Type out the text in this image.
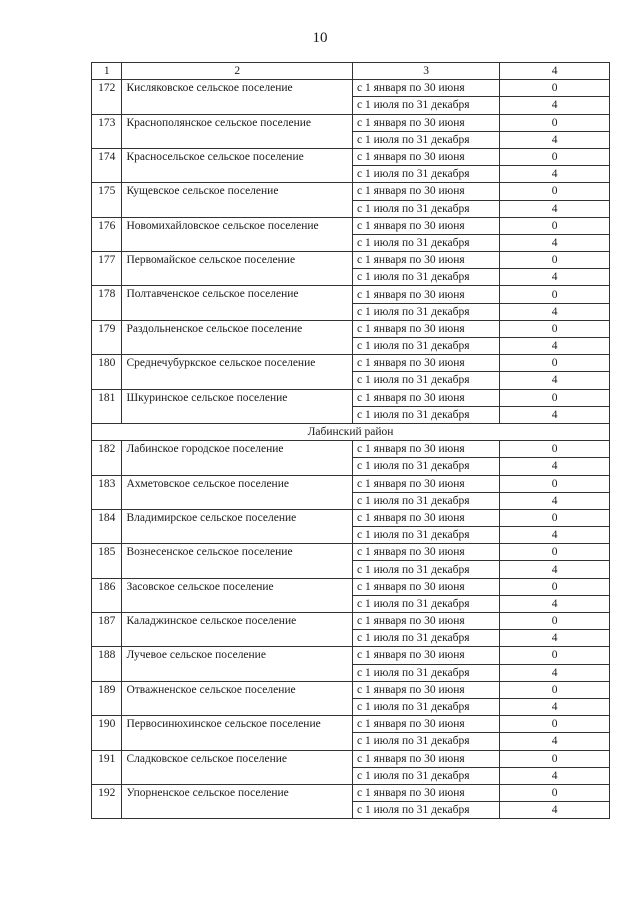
10
1	2	3	4
172	Кисляковское сельское поселение	с 1 января по 30 июня	0
		с 1 июля по 31 декабря	4
173	Краснополянское сельское поселение	с 1 января по 30 июня	0
		с 1 июля по 31 декабря	4
174	Красносельское сельское поселение	с 1 января по 30 июня	0
		с 1 июля по 31 декабря	4
175	Кущевское сельское поселение	с 1 января по 30 июня	0
		с 1 июля по 31 декабря	4
176	Новомихайловское сельское поселение	с 1 января по 30 июня	0
		с 1 июля по 31 декабря	4
177	Первомайское сельское поселение	с 1 января по 30 июня	0
		с 1 июля по 31 декабря	4
178	Полтавченское сельское поселение	с 1 января по 30 июня	0
		с 1 июля по 31 декабря	4
179	Раздольненское сельское поселение	с 1 января по 30 июня	0
		с 1 июля по 31 декабря	4
180	Среднечубуркское сельское поселение	с 1 января по 30 июня	0
		с 1 июля по 31 декабря	4
181	Шкуринское сельское поселение	с 1 января по 30 июня	0
		с 1 июля по 31 декабря	4
Лабинский район			
182	Лабинское городское поселение	с 1 января по 30 июня	0
		с 1 июля по 31 декабря	4
183	Ахметовское сельское поселение	с 1 января по 30 июня	0
		с 1 июля по 31 декабря	4
184	Владимирское сельское поселение	с 1 января по 30 июня	0
		с 1 июля по 31 декабря	4
185	Вознесенское сельское поселение	с 1 января по 30 июня	0
		с 1 июля по 31 декабря	4
186	Засовское сельское поселение	с 1 января по 30 июня	0
		с 1 июля по 31 декабря	4
187	Каладжинское сельское поселение	с 1 января по 30 июня	0
		с 1 июля по 31 декабря	4
188	Лучевое сельское поселение	с 1 января по 30 июня	0
		с 1 июля по 31 декабря	4
189	Отважненское сельское поселение	с 1 января по 30 июня	0
		с 1 июля по 31 декабря	4
190	Первосинюхинское сельское поселение	с 1 января по 30 июня	0
		с 1 июля по 31 декабря	4
191	Сладковское сельское поселение	с 1 января по 30 июня	0
		с 1 июля по 31 декабря	4
192	Упорненское сельское поселение	с 1 января по 30 июня	0
		с 1 июля по 31 декабря	4
